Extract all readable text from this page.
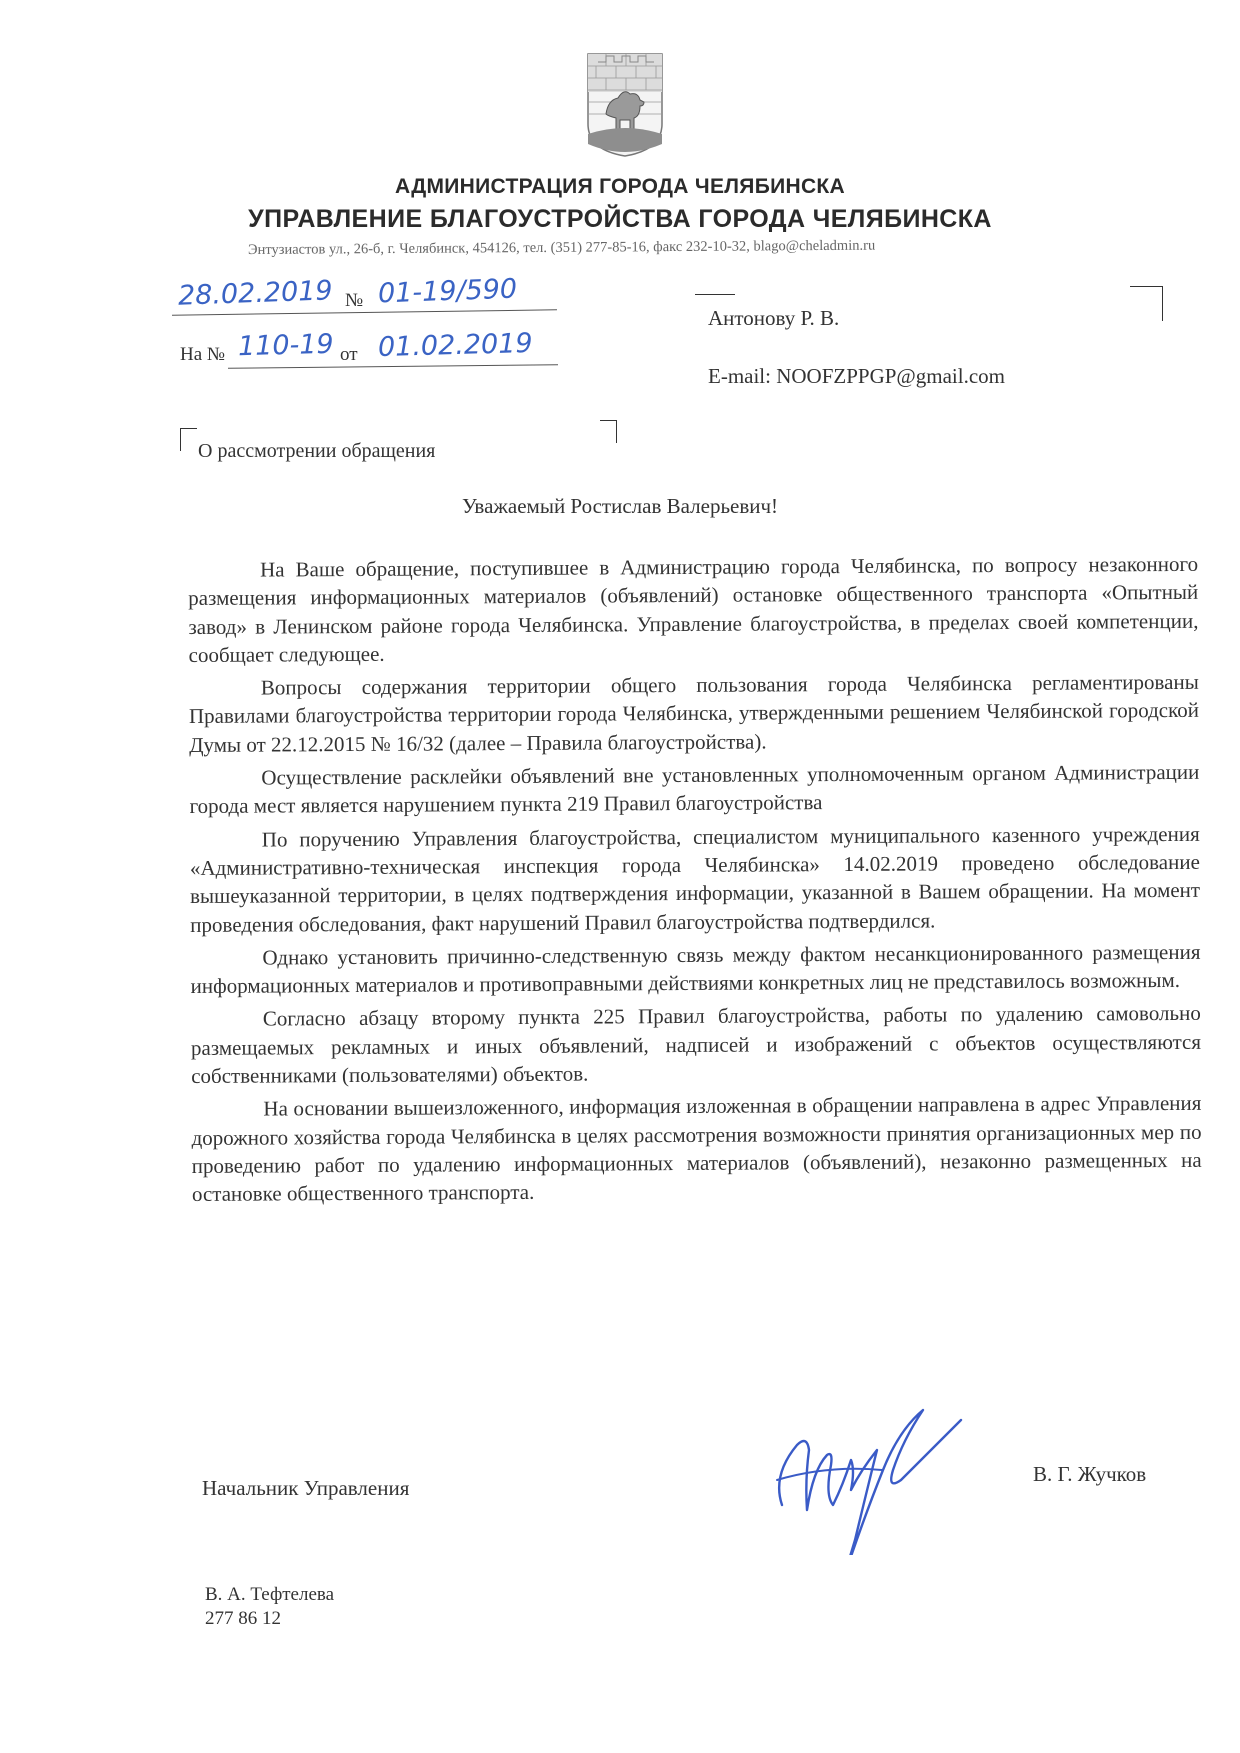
АДМИНИСТРАЦИЯ ГОРОДА ЧЕЛЯБИНСКА
УПРАВЛЕНИЕ БЛАГОУСТРОЙСТВА ГОРОДА ЧЕЛЯБИНСКА
Энтузиастов ул., 26-б, г. Челябинск, 454126, тел. (351) 277-85-16, факс 232-10-32, blago@cheladmin.ru
28.02.2019 № 01-19/590
На № 110-19 от 01.02.2019
Антонову Р. В.
E-mail: NOOFZPPGP@gmail.com
О рассмотрении обращения
Уважаемый Ростислав Валерьевич!

На Ваше обращение, поступившее в Администрацию города Челябинска, по вопросу незаконного размещения информационных материалов (объявлений) остановке общественного транспорта «Опытный завод» в Ленинском районе города Челябинска. Управление благоустройства, в пределах своей компетенции, сообщает следующее.

Вопросы содержания территории общего пользования города Челябинска регламентированы Правилами благоустройства территории города Челябинска, утвержденными решением Челябинской городской Думы от 22.12.2015 № 16/32 (далее – Правила благоустройства).

Осуществление расклейки объявлений вне установленных уполномоченным органом Администрации города мест является нарушением пункта 219 Правил благоустройства

По поручению Управления благоустройства, специалистом муниципального казенного учреждения «Административно-техническая инспекция города Челябинска» 14.02.2019 проведено обследование вышеуказанной территории, в целях подтверждения информации, указанной в Вашем обращении. На момент проведения обследования, факт нарушений Правил благоустройства подтвердился.

Однако установить причинно-следственную связь между фактом несанкционированного размещения информационных материалов и противоправными действиями конкретных лиц не представилось возможным.

Согласно абзацу второму пункта 225 Правил благоустройства, работы по удалению самовольно размещаемых рекламных и иных объявлений, надписей и изображений с объектов осуществляются собственниками (пользователями) объектов.

На основании вышеизложенного, информация изложенная в обращении направлена в адрес Управления дорожного хозяйства города Челябинска в целях рассмотрения возможности принятия организационных мер по проведению работ по удалению информационных материалов (объявлений), незаконно размещенных на остановке общественного транспорта.

Начальник Управления
В. Г. Жучков
В. А. Тефтелева
277 86 12
